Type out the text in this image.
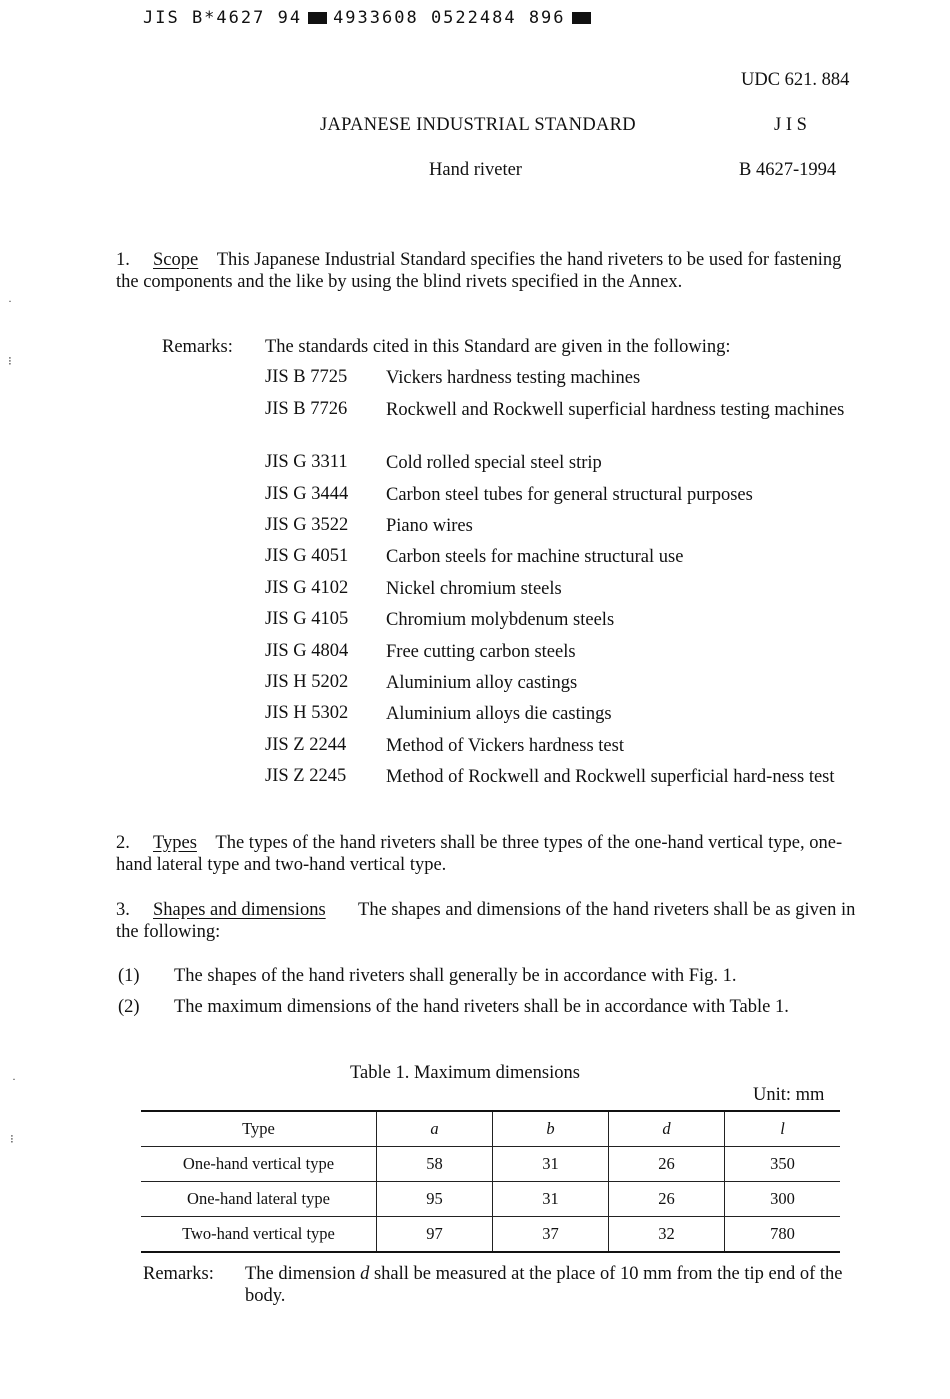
JIS B*4627 94 4933608 0522484 896
UDC 621. 884
JAPANESE INDUSTRIAL STANDARD	J I S
Hand riveter	B 4627-1994
1. Scope This Japanese Industrial Standard specifies the hand riveters to be used for fastening the components and the like by using the blind rivets specified in the Annex.
Remarks: The standards cited in this Standard are given in the following:
JIS B 7725 Vickers hardness testing machines
JIS B 7726 Rockwell and Rockwell superficial hardness testing machines
JIS G 3311 Cold rolled special steel strip
JIS G 3444 Carbon steel tubes for general structural purposes
JIS G 3522 Piano wires
JIS G 4051 Carbon steels for machine structural use
JIS G 4102 Nickel chromium steels
JIS G 4105 Chromium molybdenum steels
JIS G 4804 Free cutting carbon steels
JIS H 5202 Aluminium alloy castings
JIS H 5302 Aluminium alloys die castings
JIS Z 2244 Method of Vickers hardness test
JIS Z 2245 Method of Rockwell and Rockwell superficial hard-ness test
2. Types The types of the hand riveters shall be three types of the one-hand vertical type, one-hand lateral type and two-hand vertical type.
3. Shapes and dimensions The shapes and dimensions of the hand riveters shall be as given in the following:
(1) The shapes of the hand riveters shall generally be in accordance with Fig. 1.
(2) The maximum dimensions of the hand riveters shall be in accordance with Table 1.
Table 1. Maximum dimensions
Unit: mm
Type	a	b	d	l
One-hand vertical type	58	31	26	350
One-hand lateral type	95	31	26	300
Two-hand vertical type	97	37	32	780
Remarks: The dimension d shall be measured at the place of 10 mm from the tip end of the body.
·
⁝
·
⁝
